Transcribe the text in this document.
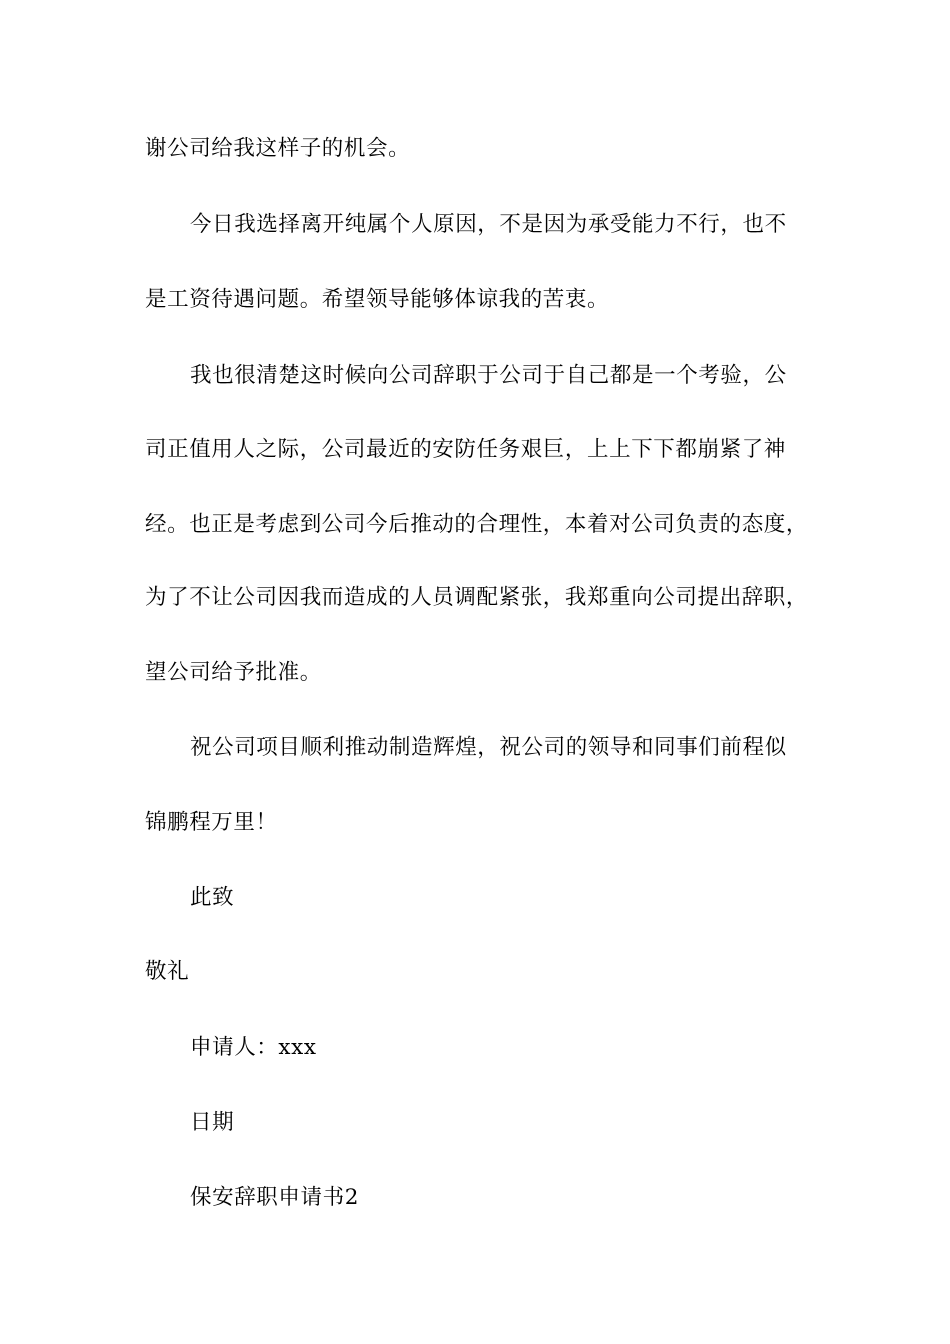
谢公司给我这样子的机会。
今日我选择离开纯属个人原因，不是因为承受能力不行，也不
是工资待遇问题。希望领导能够体谅我的苦衷。
我也很清楚这时候向公司辞职于公司于自己都是一个考验，公
司正值用人之际，公司最近的安防任务艰巨，上上下下都崩紧了神
经。也正是考虑到公司今后推动的合理性，本着对公司负责的态度，
为了不让公司因我而造成的人员调配紧张，我郑重向公司提出辞职，
望公司给予批准。
祝公司项目顺利推动制造辉煌，祝公司的领导和同事们前程似
锦鹏程万里！
此致
敬礼
申请人：xxx
日期
保安辞职申请书2
